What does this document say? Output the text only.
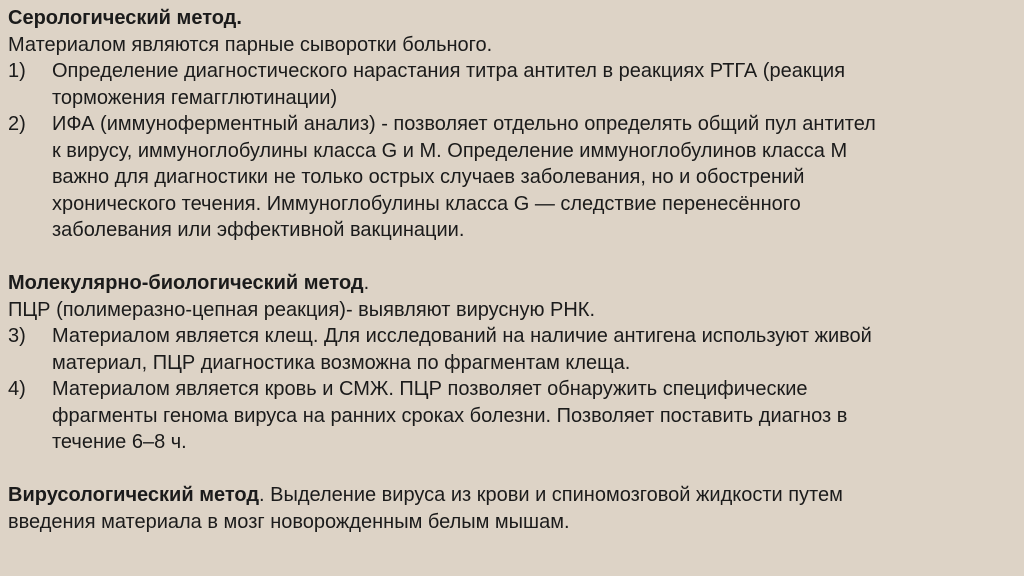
Серологический метод.

Материалом являются парные сыворотки больного.

1)	Определение диагностического нарастания титра антител в реакциях РТГА (реакция
торможения гемагглютинации)
2)	ИФА (иммуноферментный анализ) - позволяет отдельно определять общий пул антител
к вирусу, иммуноглобулины класса G и M. Определение иммуноглобулинов класса М
важно для диагностики не только острых случаев заболевания, но и обострений
хронического течения. Иммуноглобулины класса G — следствие перенесённого
заболевания или эффективной вакцинации.

Молекулярно-биологический метод.

ПЦР (полимеразно-цепная реакция)- выявляют вирусную РНК.

3)	Материалом является клещ. Для исследований на наличие антигена используют живой
материал, ПЦР диагностика возможна по фрагментам клеща.
4)	Материалом является кровь и СМЖ. ПЦР позволяет обнаружить специфические
фрагменты генома вируса на ранних сроках болезни. Позволяет поставить диагноз в
течение 6–8 ч.

Вирусологический метод. Выделение вируса из крови и спиномозговой жидкости путем

введения материала в мозг новорожденным белым мышам.
